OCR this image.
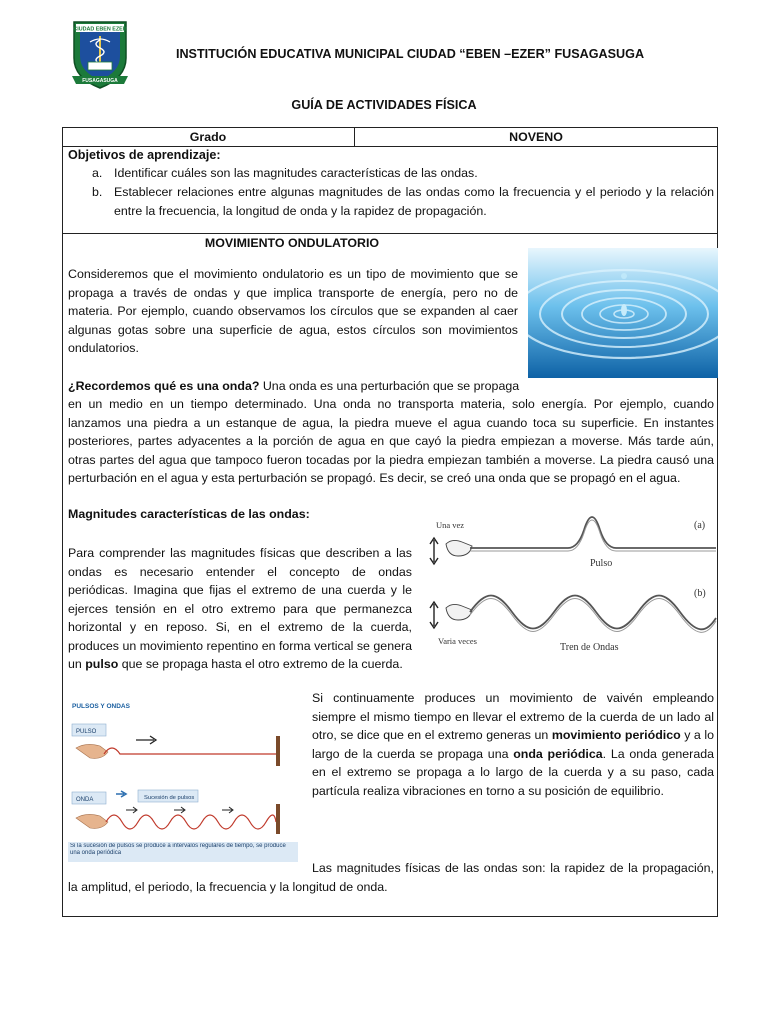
CIUDAD EBEN EZER
FUSAGASUGA
INSTITUCIÓN EDUCATIVA MUNICIPAL CIUDAD “EBEN –EZER” FUSAGASUGA
GUÍA DE ACTIVIDADES FÍSICA
Grado	NOVENO
Objetivos de aprendizaje:
a. Identificar cuáles son las magnitudes características de las ondas.
b. Establecer relaciones entre algunas magnitudes de las ondas como la frecuencia y el periodo y la relación entre la frecuencia, la longitud de onda y la rapidez de propagación.
MOVIMIENTO ONDULATORIO
Consideremos que el movimiento ondulatorio es un tipo de movimiento que se propaga a través de ondas y que implica transporte de energía, pero no de materia. Por ejemplo, cuando observamos los círculos que se expanden al caer algunas gotas sobre una superficie de agua, estos círculos son movimientos ondulatorios.
¿Recordemos qué es una onda? Una onda es una perturbación que se propaga
en un medio en un tiempo determinado. Una onda no transporta materia, solo energía. Por ejemplo, cuando lanzamos una piedra a un estanque de agua, la piedra mueve el agua cuando toca su superficie. En instantes posteriores, partes adyacentes a la porción de agua en que cayó la piedra empiezan a moverse. Más tarde aún, otras partes del agua que tampoco fueron tocadas por la piedra empiezan también a moverse. La piedra causó una perturbación en el agua y esta perturbación se propagó. Es decir, se creó una onda que se propagó en el agua.
Magnitudes características de las ondas:
Para comprender las magnitudes físicas que describen a las ondas es necesario entender el concepto de ondas periódicas. Imagina que fijas el extremo de una cuerda y le ejerces tensión en el otro extremo para que permanezca horizontal y en reposo. Si, en el extremo de la cuerda, produces un movimiento repentino en forma vertical se genera un pulso que se propaga hasta el otro extremo de la cuerda.
Una vez	(a)
Pulso
(b)
Varia veces
Tren de Ondas
PULSOS Y ONDAS
PULSO
ONDA	Sucesión de pulsos
Si la sucesión de pulsos se produce a intervalos regulares de tiempo, se produce una onda periódica
Si continuamente produces un movimiento de vaivén empleando siempre el mismo tiempo en llevar el extremo de la cuerda de un lado al otro, se dice que en el extremo generas un movimiento periódico y a lo largo de la cuerda se propaga una onda periódica. La onda generada en el extremo se propaga a lo largo de la cuerda y a su paso, cada partícula realiza vibraciones en torno a su posición de equilibrio.
Las magnitudes físicas de las ondas son: la rapidez de la propagación, la amplitud, el periodo, la frecuencia y la longitud de onda.
